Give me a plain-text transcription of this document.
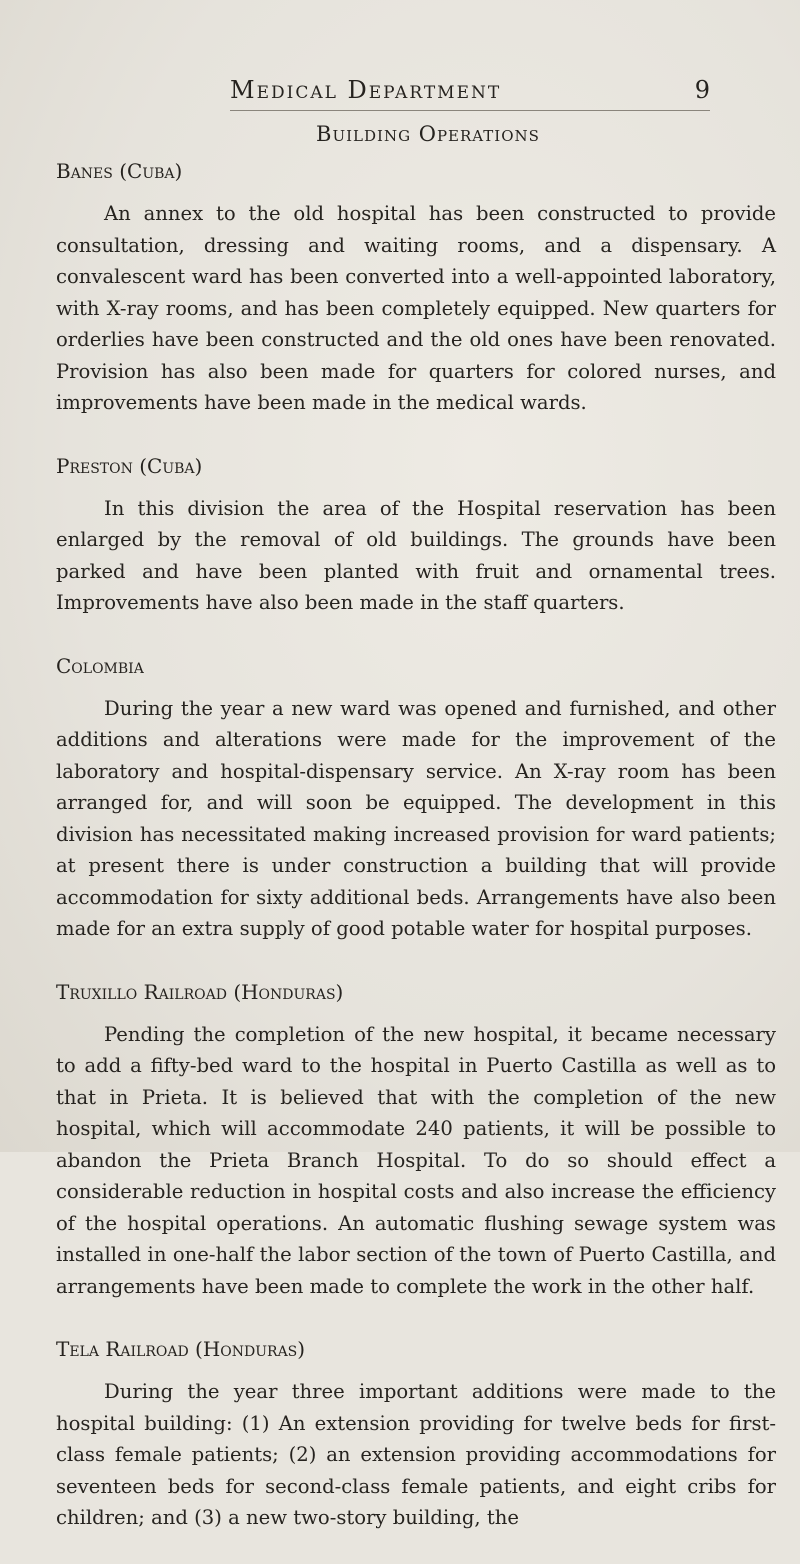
Medical Department	9
Building Operations
Banes (Cuba)

An annex to the old hospital has been constructed to provide consultation, dressing and waiting rooms, and a dispensary. A convalescent ward has been converted into a well-appointed laboratory, with X-ray rooms, and has been completely equipped. New quarters for orderlies have been constructed and the old ones have been renovated. Provision has also been made for quarters for colored nurses, and improvements have been made in the medical wards.

Preston (Cuba)

In this division the area of the Hospital reservation has been enlarged by the removal of old buildings. The grounds have been parked and have been planted with fruit and ornamental trees. Improvements have also been made in the staff quarters.

Colombia

During the year a new ward was opened and furnished, and other additions and alterations were made for the improvement of the laboratory and hospital-dispensary service. An X-ray room has been arranged for, and will soon be equipped. The development in this division has necessitated making increased provision for ward patients; at present there is under construction a building that will provide accommodation for sixty additional beds. Arrangements have also been made for an extra supply of good potable water for hospital purposes.

Truxillo Railroad (Honduras)

Pending the completion of the new hospital, it became necessary to add a fifty-bed ward to the hospital in Puerto Castilla as well as to that in Prieta. It is believed that with the completion of the new hospital, which will accommodate 240 patients, it will be possible to abandon the Prieta Branch Hospital. To do so should effect a considerable reduction in hospital costs and also increase the efficiency of the hospital operations. An automatic flushing sewage system was installed in one-half the labor section of the town of Puerto Castilla, and arrangements have been made to complete the work in the other half.

Tela Railroad (Honduras)

During the year three important additions were made to the hospital building: (1) An extension providing for twelve beds for first-class female patients; (2) an extension providing accommodations for seventeen beds for second-class female patients, and eight cribs for children; and (3) a new two-story building, the
